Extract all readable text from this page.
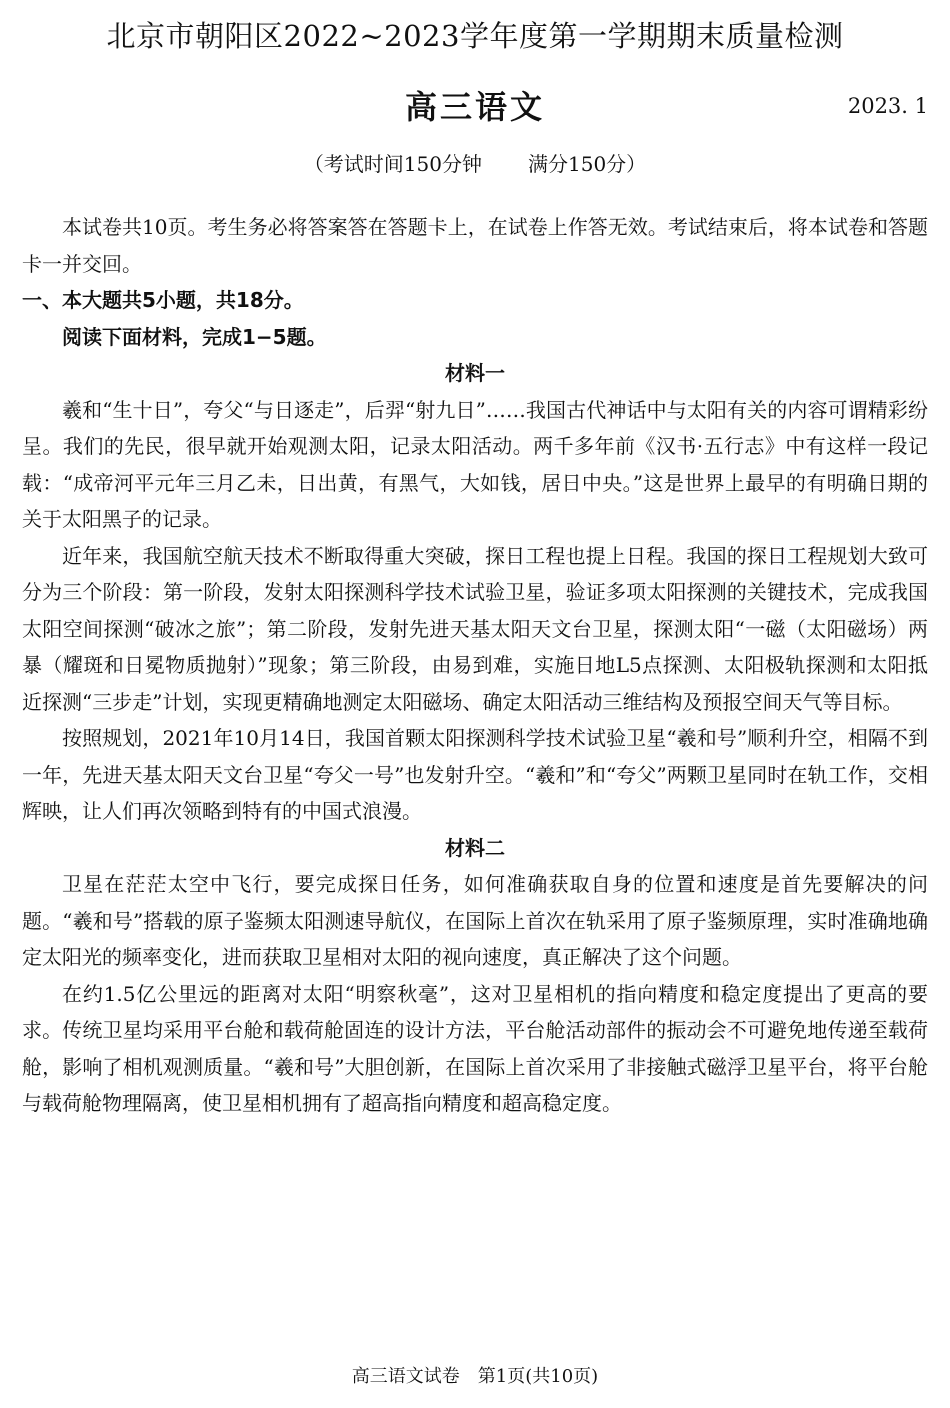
北京市朝阳区2022~2023学年度第一学期期末质量检测
高三语文	2023. 1
（考试时间150分钟 满分150分）

本试卷共10页。考生务必将答案答在答题卡上，在试卷上作答无效。考试结束后，将本试卷和答题卡一并交回。

一、本大题共5小题，共18分。

阅读下面材料，完成1−5题。

材料一

羲和“生十日”，夸父“与日逐走”，后羿“射九日”……我国古代神话中与太阳有关的内容可谓精彩纷呈。我们的先民，很早就开始观测太阳，记录太阳活动。两千多年前《汉书·五行志》中有这样一段记载：“成帝河平元年三月乙未，日出黄，有黑气，大如钱，居日中央。”这是世界上最早的有明确日期的关于太阳黑子的记录。

近年来，我国航空航天技术不断取得重大突破，探日工程也提上日程。我国的探日工程规划大致可分为三个阶段：第一阶段，发射太阳探测科学技术试验卫星，验证多项太阳探测的关键技术，完成我国太阳空间探测“破冰之旅”；第二阶段，发射先进天基太阳天文台卫星，探测太阳“一磁（太阳磁场）两暴（耀斑和日冕物质抛射）”现象；第三阶段，由易到难，实施日地L5点探测、太阳极轨探测和太阳抵近探测“三步走”计划，实现更精确地测定太阳磁场、确定太阳活动三维结构及预报空间天气等目标。

按照规划，2021年10月14日，我国首颗太阳探测科学技术试验卫星“羲和号”顺利升空，相隔不到一年，先进天基太阳天文台卫星“夸父一号”也发射升空。“羲和”和“夸父”两颗卫星同时在轨工作，交相辉映，让人们再次领略到特有的中国式浪漫。

材料二

卫星在茫茫太空中飞行，要完成探日任务，如何准确获取自身的位置和速度是首先要解决的问题。“羲和号”搭载的原子鉴频太阳测速导航仪，在国际上首次在轨采用了原子鉴频原理，实时准确地确定太阳光的频率变化，进而获取卫星相对太阳的视向速度，真正解决了这个问题。

在约1.5亿公里远的距离对太阳“明察秋毫”，这对卫星相机的指向精度和稳定度提出了更高的要求。传统卫星均采用平台舱和载荷舱固连的设计方法，平台舱活动部件的振动会不可避免地传递至载荷舱，影响了相机观测质量。“羲和号”大胆创新，在国际上首次采用了非接触式磁浮卫星平台，将平台舱与载荷舱物理隔离，使卫星相机拥有了超高指向精度和超高稳定度。

高三语文试卷　第1页(共10页)
